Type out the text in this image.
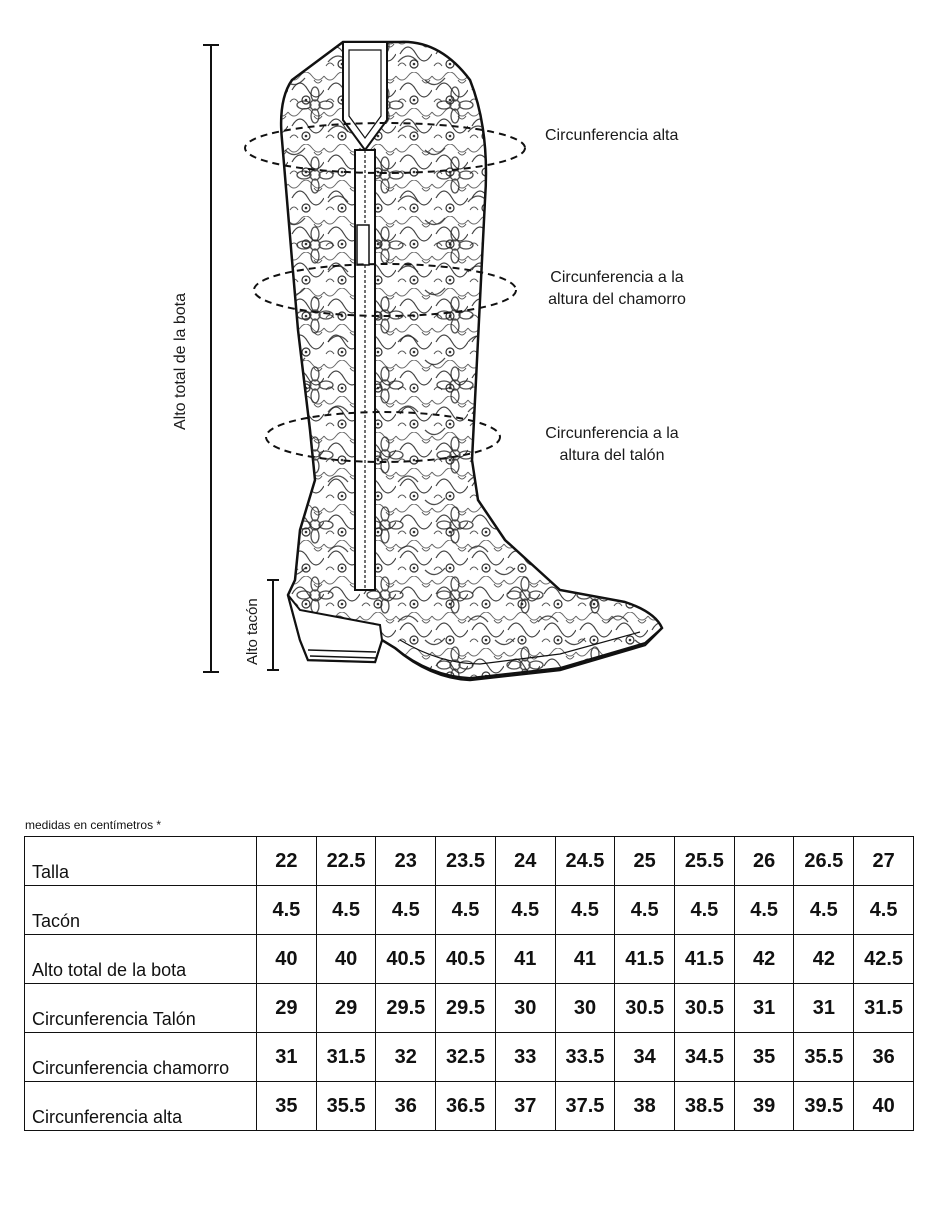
Circunferencia alta
Circunferencia a la
altura del chamorro
Circunferencia a la
altura del talón
Alto total de la bota
Alto tacón
medidas en centímetros *
Talla	22	22.5	23	23.5	24	24.5	25	25.5	26	26.5	27
Tacón	4.5	4.5	4.5	4.5	4.5	4.5	4.5	4.5	4.5	4.5	4.5
Alto total de la bota	40	40	40.5	40.5	41	41	41.5	41.5	42	42	42.5
Circunferencia Talón	29	29	29.5	29.5	30	30	30.5	30.5	31	31	31.5
Circunferencia chamorro	31	31.5	32	32.5	33	33.5	34	34.5	35	35.5	36
Circunferencia alta	35	35.5	36	36.5	37	37.5	38	38.5	39	39.5	40
